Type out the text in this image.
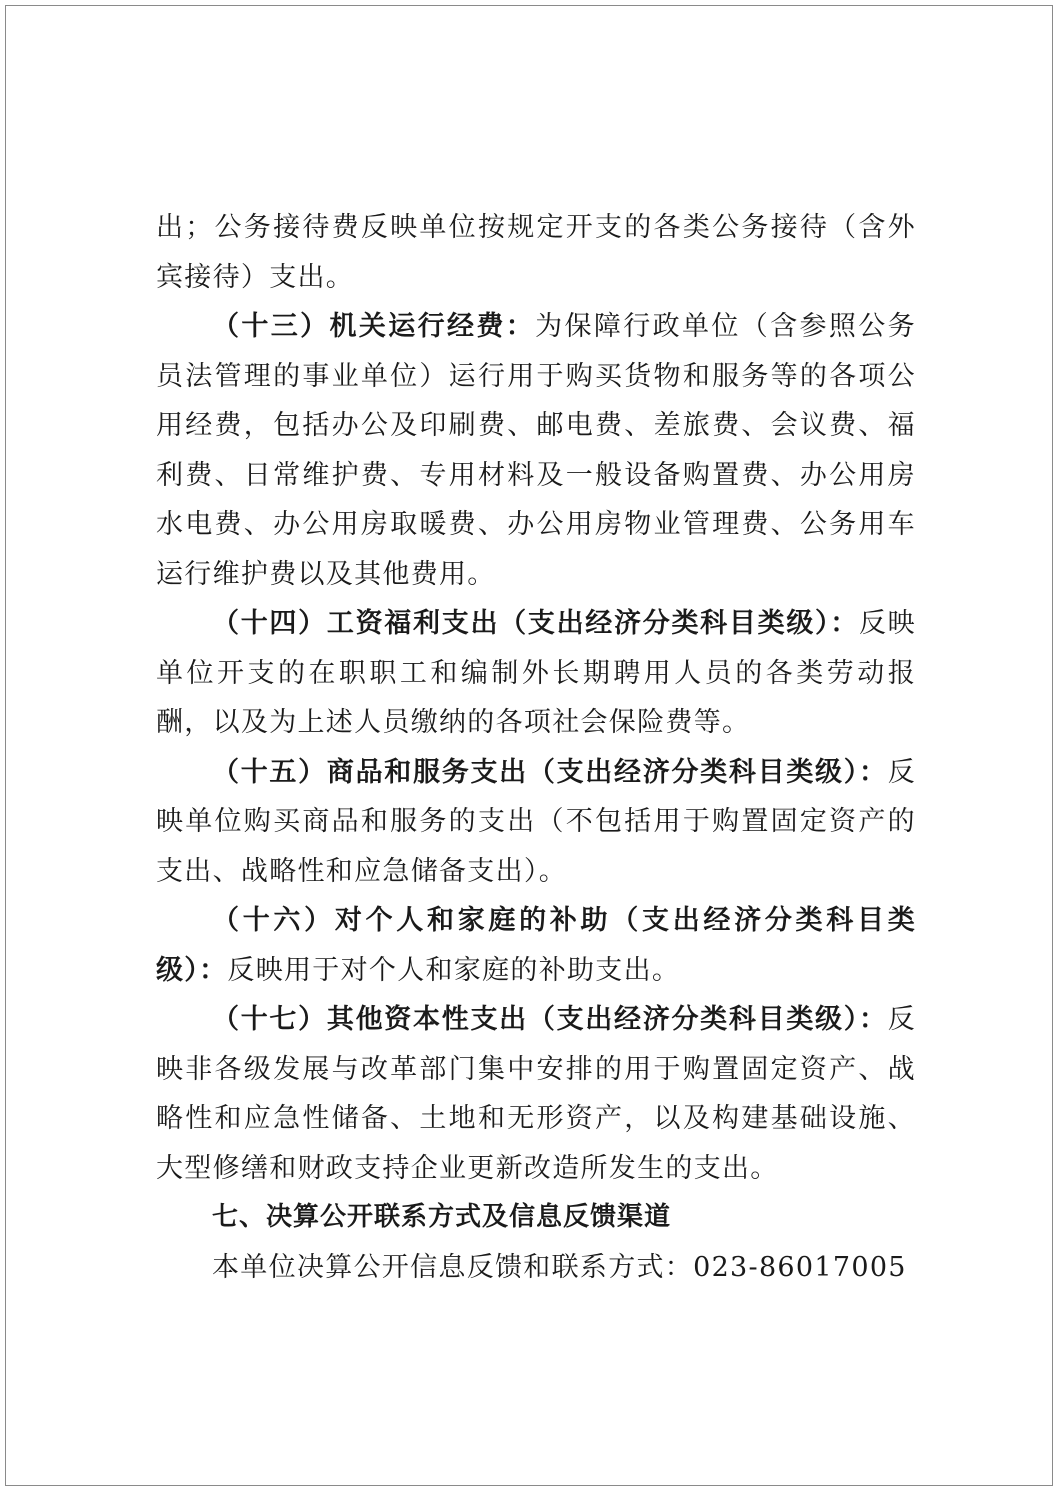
出；公务接待费反映单位按规定开支的各类公务接待（含外宾接待）支出。

（十三）机关运行经费：为保障行政单位（含参照公务员法管理的事业单位）运行用于购买货物和服务等的各项公用经费，包括办公及印刷费、邮电费、差旅费、会议费、福利费、日常维护费、专用材料及一般设备购置费、办公用房水电费、办公用房取暖费、办公用房物业管理费、公务用车运行维护费以及其他费用。

（十四）工资福利支出（支出经济分类科目类级）：反映单位开支的在职职工和编制外长期聘用人员的各类劳动报酬，以及为上述人员缴纳的各项社会保险费等。

（十五）商品和服务支出（支出经济分类科目类级）：反映单位购买商品和服务的支出（不包括用于购置固定资产的支出、战略性和应急储备支出）。

（十六）对个人和家庭的补助（支出经济分类科目类级）：反映用于对个人和家庭的补助支出。

（十七）其他资本性支出（支出经济分类科目类级）：反映非各级发展与改革部门集中安排的用于购置固定资产、战略性和应急性储备、土地和无形资产，以及构建基础设施、大型修缮和财政支持企业更新改造所发生的支出。

七、决算公开联系方式及信息反馈渠道

本单位决算公开信息反馈和联系方式：023-86017005
